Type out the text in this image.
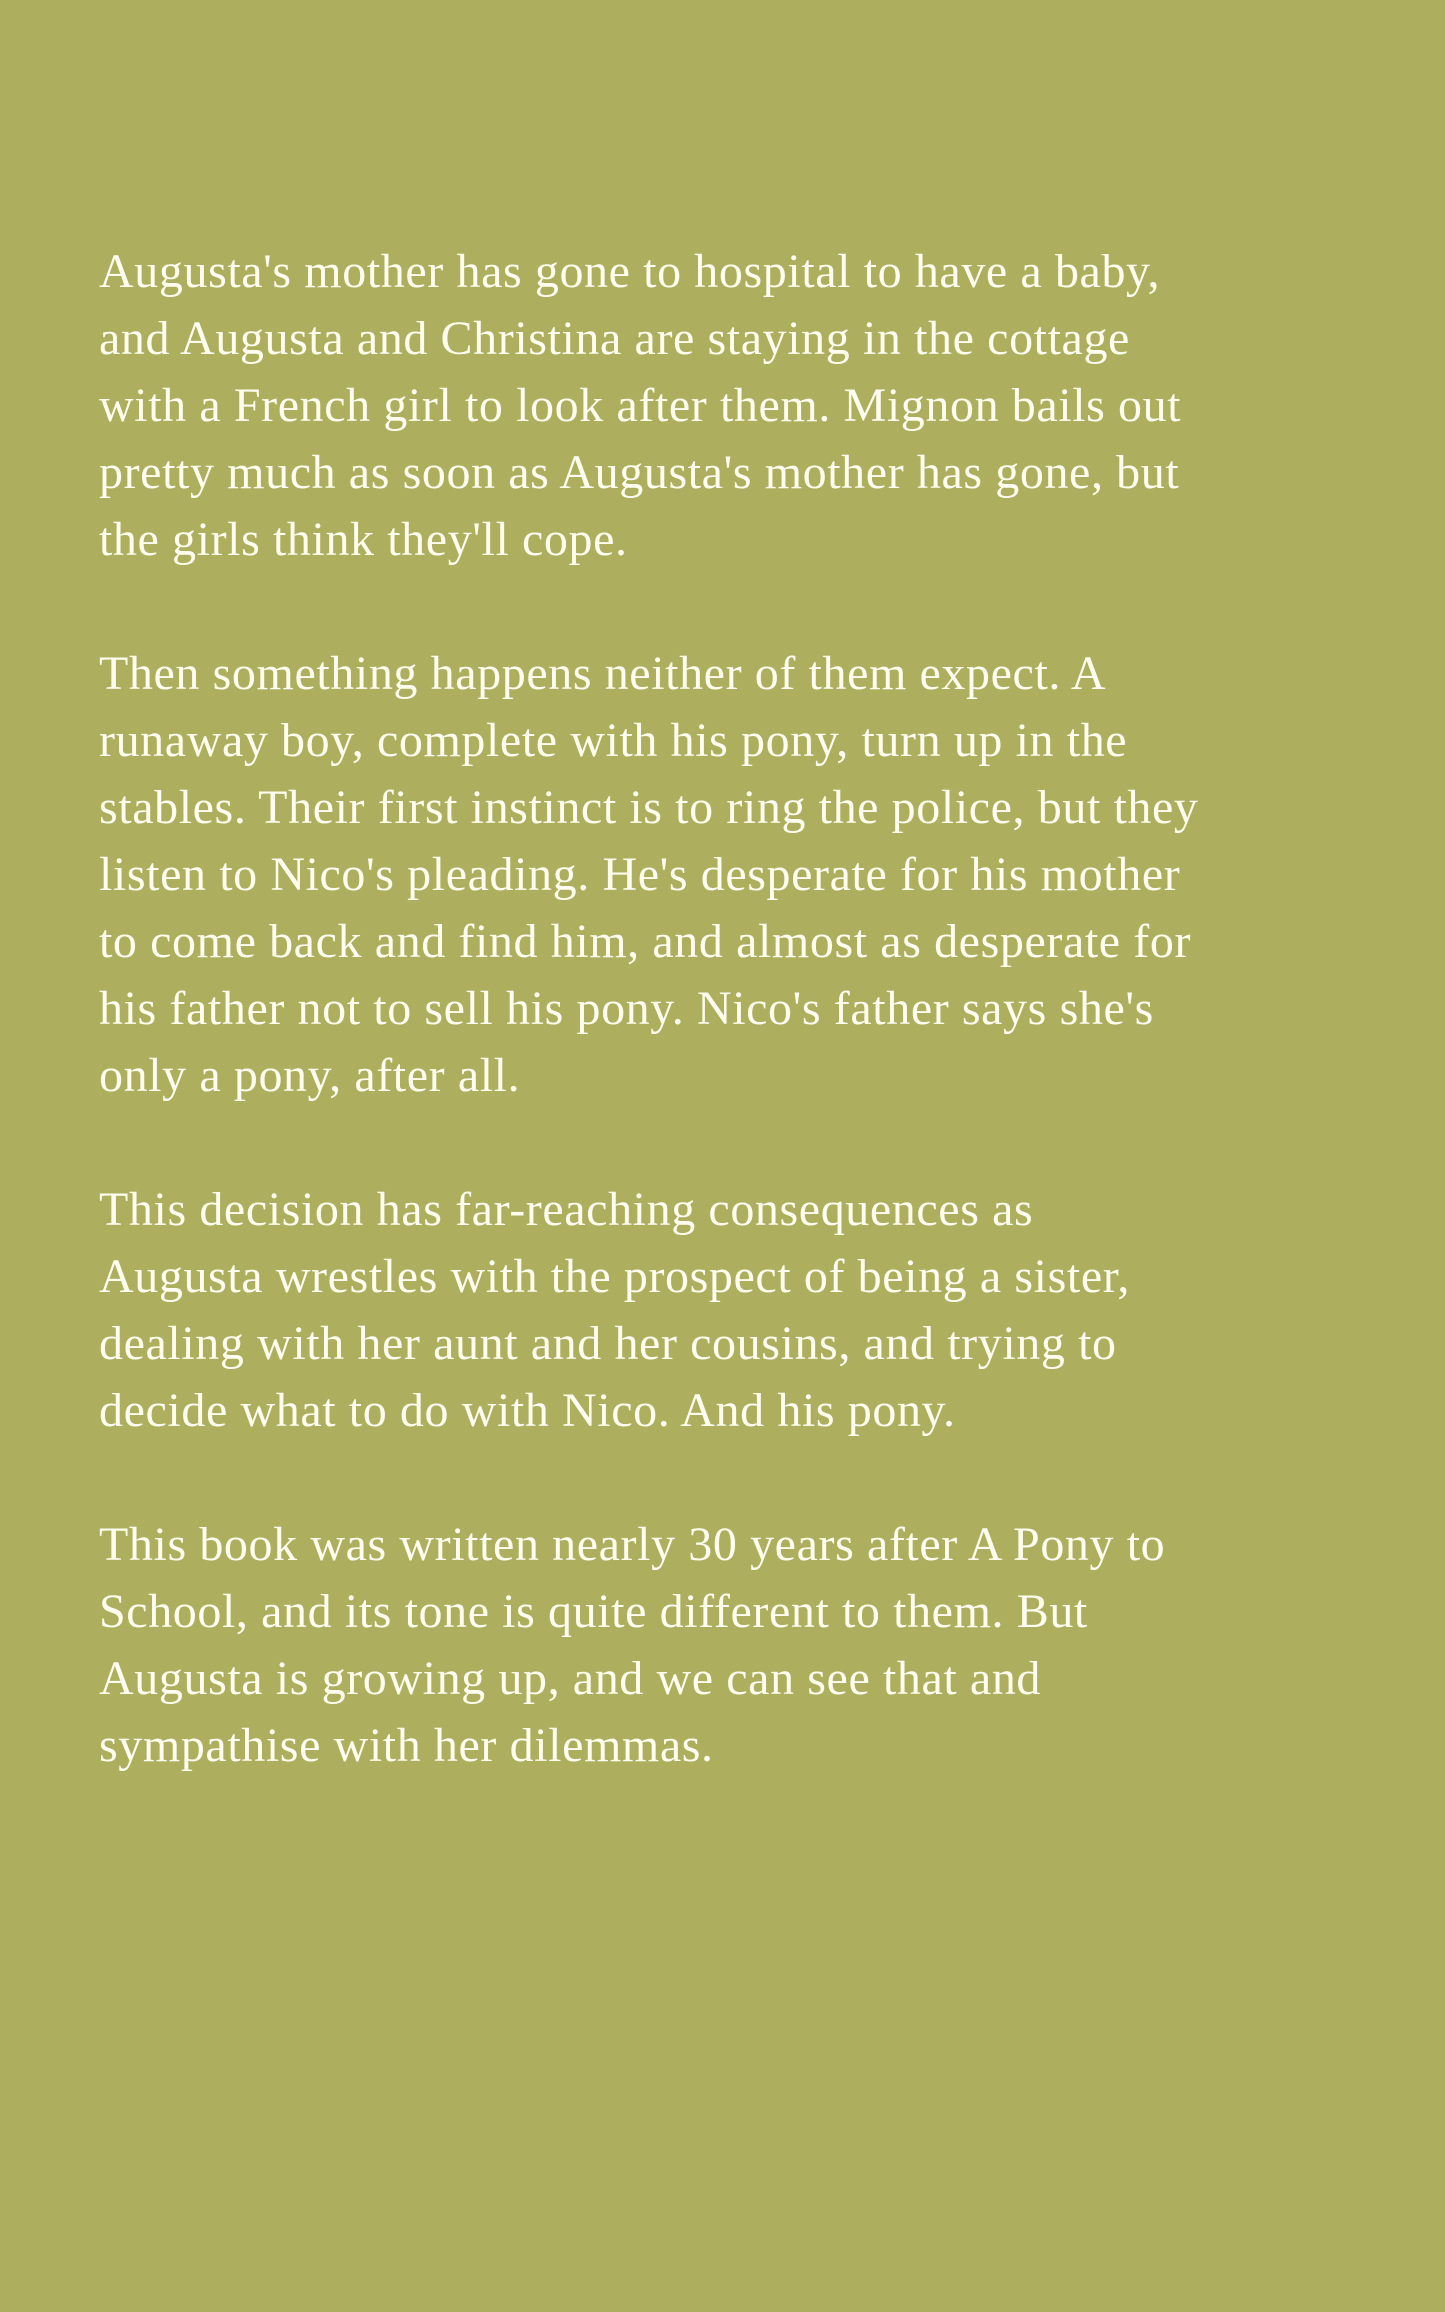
Augusta's mother has gone to hospital to have a baby,
and Augusta and Christina are staying in the cottage
with a French girl to look after them. Mignon bails out
pretty much as soon as Augusta's mother has gone, but
the girls think they'll cope.
Then something happens neither of them expect. A
runaway boy, complete with his pony, turn up in the
stables. Their first instinct is to ring the police, but they
listen to Nico's pleading. He's desperate for his mother
to come back and find him, and almost as desperate for
his father not to sell his pony. Nico's father says she's
only a pony, after all.
This decision has far-reaching consequences as
Augusta wrestles with the prospect of being a sister,
dealing with her aunt and her cousins, and trying to
decide what to do with Nico. And his pony.
This book was written nearly 30 years after A Pony to
School, and its tone is quite different to them. But
Augusta is growing up, and we can see that and
sympathise with her dilemmas.
